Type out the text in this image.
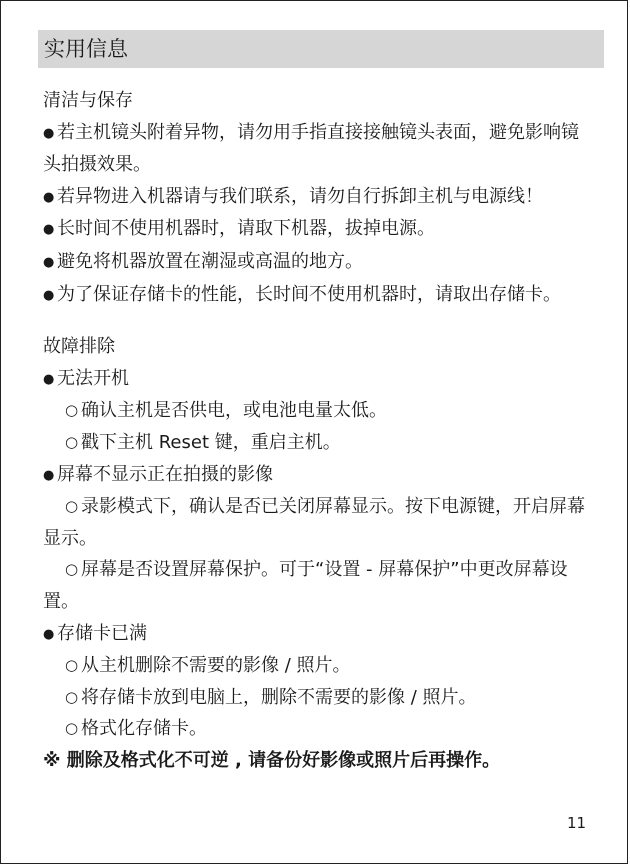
实用信息

清洁与保存

● 若主机镜头附着异物，请勿用手指直接接触镜头表面，避免影响镜头拍摄效果。

● 若异物进入机器请与我们联系，请勿自行拆卸主机与电源线！

● 长时间不使用机器时，请取下机器，拔掉电源。

● 避免将机器放置在潮湿或高温的地方。

● 为了保证存储卡的性能，长时间不使用机器时，请取出存储卡。

故障排除

● 无法开机

○ 确认主机是否供电，或电池电量太低。

○ 戳下主机 Reset 键，重启主机。

● 屏幕不显示正在拍摄的影像

○ 录影模式下，确认是否已关闭屏幕显示。按下电源键，开启屏幕显示。

○ 屏幕是否设置屏幕保护。可于“设置 - 屏幕保护”中更改屏幕设置。

● 存储卡已满

○ 从主机删除不需要的影像 / 照片。

○ 将存储卡放到电脑上，删除不需要的影像 / 照片。

○ 格式化存储卡。

※ 删除及格式化不可逆 , 请备份好影像或照片后再操作。

11
